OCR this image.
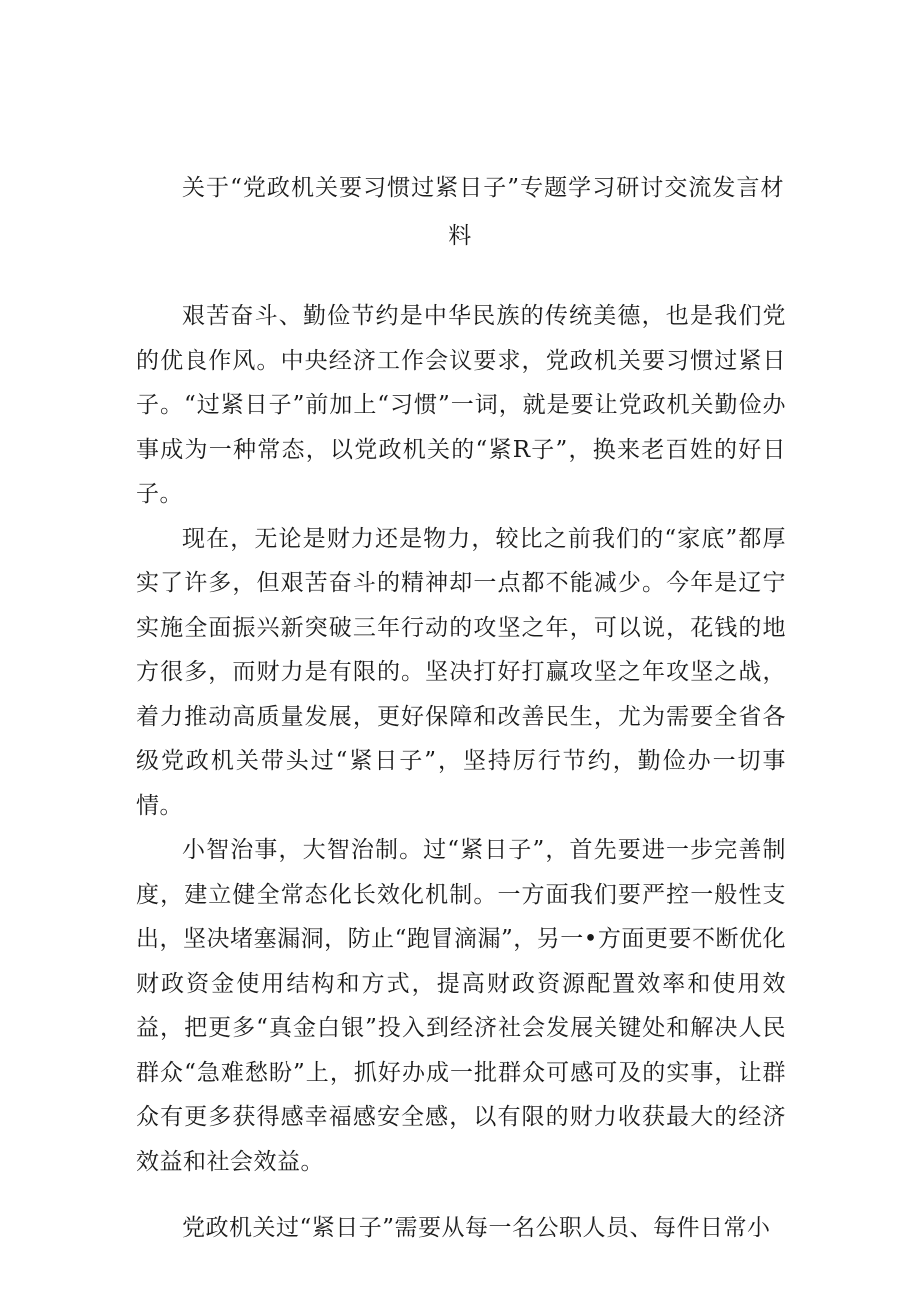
关于“党政机关要习惯过紧日子”专题学习研讨交流发言材料

艰苦奋斗、勤俭节约是中华民族的传统美德，也是我们党的优良作风。中央经济工作会议要求，党政机关要习惯过紧日子。“过紧日子”前加上“习惯”一词，就是要让党政机关勤俭办事成为一种常态，以党政机关的“紧R子”，换来老百姓的好日子。

现在，无论是财力还是物力，较比之前我们的“家底”都厚实了许多，但艰苦奋斗的精神却一点都不能减少。今年是辽宁实施全面振兴新突破三年行动的攻坚之年，可以说，花钱的地方很多，而财力是有限的。坚决打好打赢攻坚之年攻坚之战，着力推动高质量发展，更好保障和改善民生，尤为需要全省各级党政机关带头过“紧日子”，坚持厉行节约，勤俭办一切事情。

小智治事，大智治制。过“紧日子”，首先要进一步完善制度，建立健全常态化长效化机制。一方面我们要严控一般性支出，坚决堵塞漏洞，防止“跑冒滴漏”，另一•方面更要不断优化财政资金使用结构和方式，提高财政资源配置效率和使用效益，把更多“真金白银”投入到经济社会发展关键处和解决人民群众“急难愁盼”上，抓好办成一批群众可感可及的实事，让群众有更多获得感幸福感安全感，以有限的财力收获最大的经济效益和社会效益。

党政机关过“紧日子”需要从每一名公职人员、每件日常小
